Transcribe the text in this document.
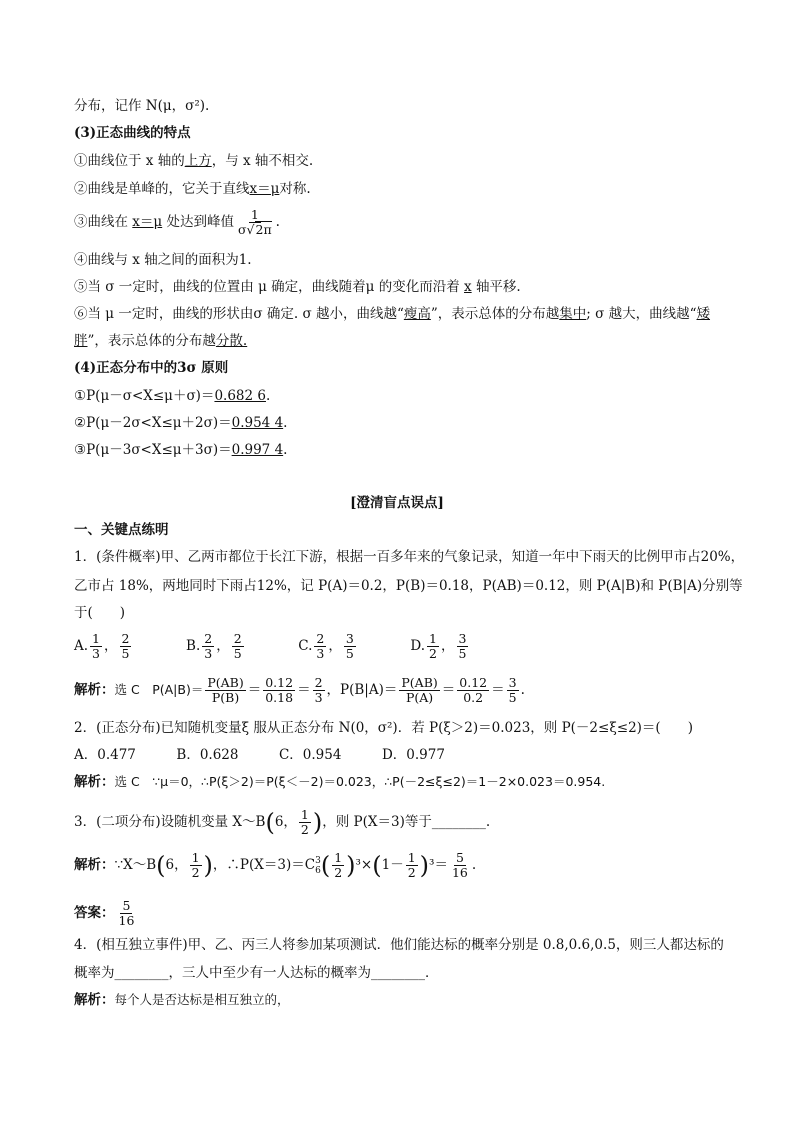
分布，记作 N(μ，σ²).
(3)正态曲线的特点
①曲线位于 x 轴的上方，与 x 轴不相交.
②曲线是单峰的，它关于直线x＝μ对称.
③曲线在 x＝μ 处达到峰值 $\frac{1}{\sigma√2\pi}$ .
④曲线与 x 轴之间的面积为1.
⑤当 σ 一定时，曲线的位置由 μ 确定，曲线随着μ 的变化而沿着 x 轴平移.
⑥当 μ 一定时，曲线的形状由σ 确定. σ 越小，曲线越“瘦高”，表示总体的分布越集中; σ 越大，曲线越“矮
胖”，表示总体的分布越分散.
(4)正态分布中的3σ 原则
①P(μ－σ<X≤μ＋σ)＝0.682 6.
②P(μ－2σ<X≤μ＋2σ)＝0.954 4.
③P(μ－3σ<X≤μ＋3σ)＝0.997 4.
[澄清盲点误点]
一、关键点练明
1．(条件概率)甲、乙两市都位于长江下游，根据一百多年来的气象记录，知道一年中下雨天的比例甲市占20%，
乙市占 18%，两地同时下雨占12%，记 P(A)＝0.2，P(B)＝0.18，P(AB)＝0.12，则 P(A|B)和 P(B|A)分别等
于(　　)
A. $\frac{1}{3}$ ， $\frac{2}{5}$	B. $\frac{2}{3}$ ， $\frac{2}{5}$	C. $\frac{2}{3}$ ， $\frac{3}{5}$	D. $\frac{1}{2}$ ， $\frac{3}{5}$
解析：选 C　$P(A|B)= \frac{P(AB)}{P(B)} = \frac{0.12}{0.18} = \frac{2}{3}$ ，$P(B|A)= \frac{P(AB)}{P(A)} = \frac{0.12}{0.2} = \frac{3}{5}$ .
2．(正态分布)已知随机变量ξ 服从正态分布 N(0，σ²)．若 P(ξ＞2)＝0.023，则 P(－2≤ξ≤2)＝(　　)
A．0.477　　　B．0.628　　　C．0.954　　　D．0.977
解析：选 C　∵μ＝0，∴P(ξ＞2)＝P(ξ＜－2)＝0.023，∴P(－2≤ξ≤2)＝1－2×0.023＝0.954.
3．(二项分布)设随机变量 X～B(6， $\frac{1}{2}$ )，则 P(X＝3)等于________.
解析：∵X～B(6， $\frac{1}{2}$ )，∴P(X＝3)＝C 3
6 ( $\frac{1}{2} )^3\times(1- \frac{1}{2} )^3= \frac{5}{16}$ .
答案： $\frac{5}{16}$
4．(相互独立事件)甲、乙、丙三人将参加某项测试．他们能达标的概率分别是 0.8,0.6,0.5，则三人都达标的
概率为________，三人中至少有一人达标的概率为________．
解析：每个人是否达标是相互独立的，
